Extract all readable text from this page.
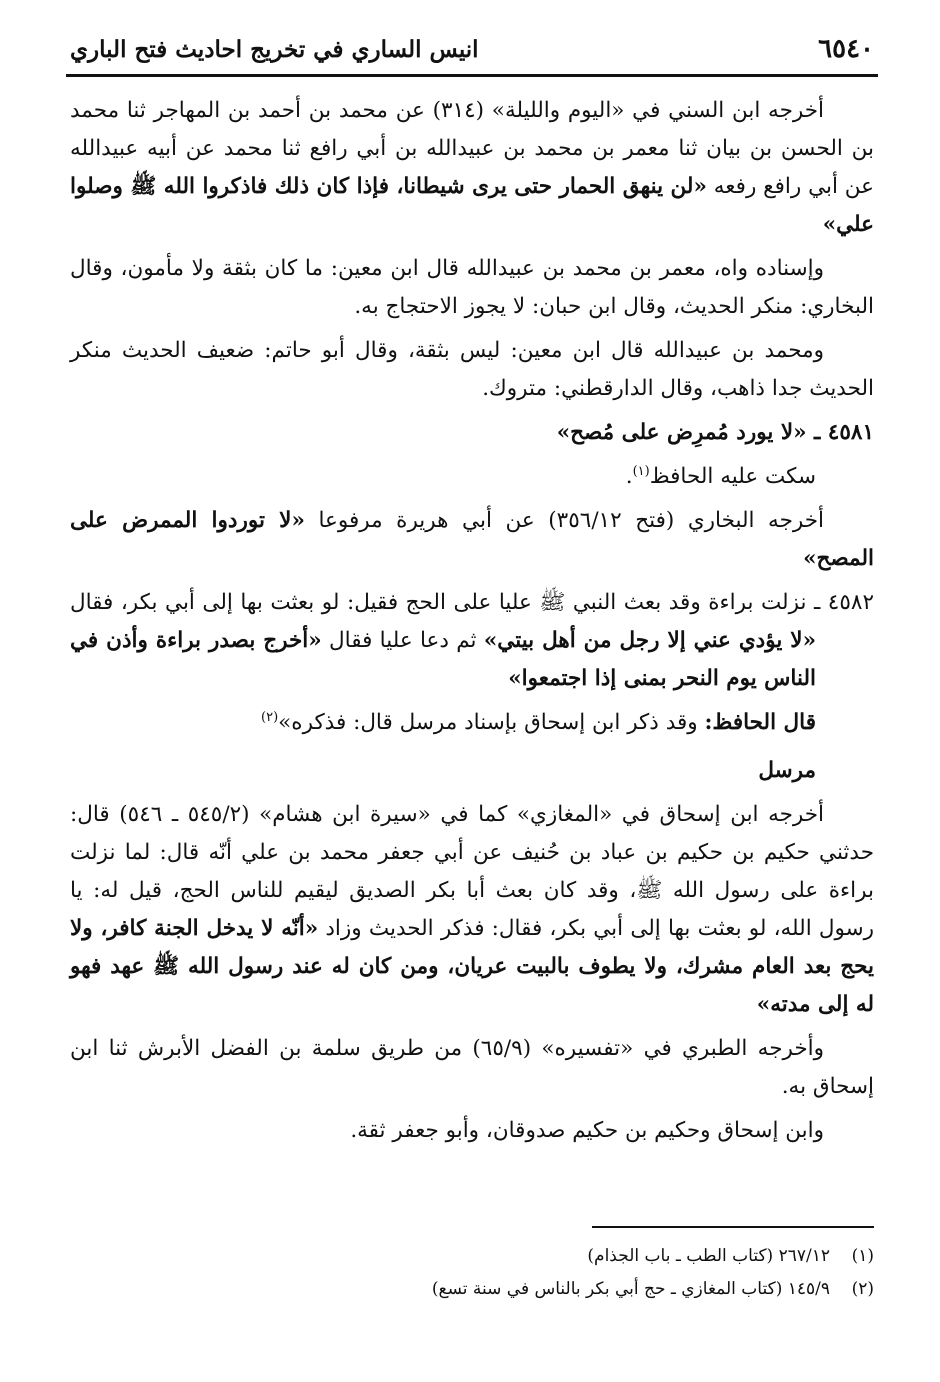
٦٥٤٠
انيس الساري في تخريج احاديث فتح الباري

أخرجه ابن السني في «اليوم والليلة» (٣١٤) عن محمد بن أحمد بن المهاجر ثنا محمد بن الحسن بن بيان ثنا معمر بن محمد بن عبيدالله بن أبي رافع ثنا محمد عن أبيه عبيدالله عن أبي رافع رفعه «لن ينهق الحمار حتى يرى شيطانا، فإذا كان ذلك فاذكروا الله ﷺ وصلوا علي»

وإسناده واه، معمر بن محمد بن عبيدالله قال ابن معين: ما كان بثقة ولا مأمون، وقال البخاري: منكر الحديث، وقال ابن حبان: لا يجوز الاحتجاج به.

ومحمد بن عبيدالله قال ابن معين: ليس بثقة، وقال أبو حاتم: ضعيف الحديث منكر الحديث جدا ذاهب، وقال الدارقطني: متروك.

٤٥٨١ ـ «لا يورد مُمرِض على مُصح»

سكت عليه الحافظ$^{(١)}$.

أخرجه البخاري (فتح ٣٥٦/١٢) عن أبي هريرة مرفوعا «لا توردوا الممرض على المصح»

٤٥٨٢ ـ نزلت براءة وقد بعث النبي ﷺ عليا على الحج فقيل: لو بعثت بها إلى أبي بكر، فقال «لا يؤدي عني إلا رجل من أهل بيتي» ثم دعا عليا فقال «أخرج بصدر براءة وأذن في الناس يوم النحر بمنى إذا اجتمعوا»

قال الحافظ: وقد ذكر ابن إسحاق بإسناد مرسل قال: فذكره»$^{(٢)}$

مرسل

أخرجه ابن إسحاق في «المغازي» كما في «سيرة ابن هشام» (٥٤٥/٢ ـ ٥٤٦) قال: حدثني حكيم بن حكيم بن عباد بن حُنيف عن أبي جعفر محمد بن علي أنّه قال: لما نزلت براءة على رسول الله ﷺ، وقد كان بعث أبا بكر الصديق ليقيم للناس الحج، قيل له: يا رسول الله، لو بعثت بها إلى أبي بكر، فقال: فذكر الحديث وزاد «أنّه لا يدخل الجنة كافر، ولا يحج بعد العام مشرك، ولا يطوف بالبيت عريان، ومن كان له عند رسول الله ﷺ عهد فهو له إلى مدته»

وأخرجه الطبري في «تفسيره» (٦٥/٩) من طريق سلمة بن الفضل الأبرش ثنا ابن إسحاق به.

وابن إسحاق وحكيم بن حكيم صدوقان، وأبو جعفر ثقة.

(١)٢٦٧/١٢ (كتاب الطب ـ باب الجذام)

(٢)١٤٥/٩ (كتاب المغازي ـ حج أبي بكر بالناس في سنة تسع)
